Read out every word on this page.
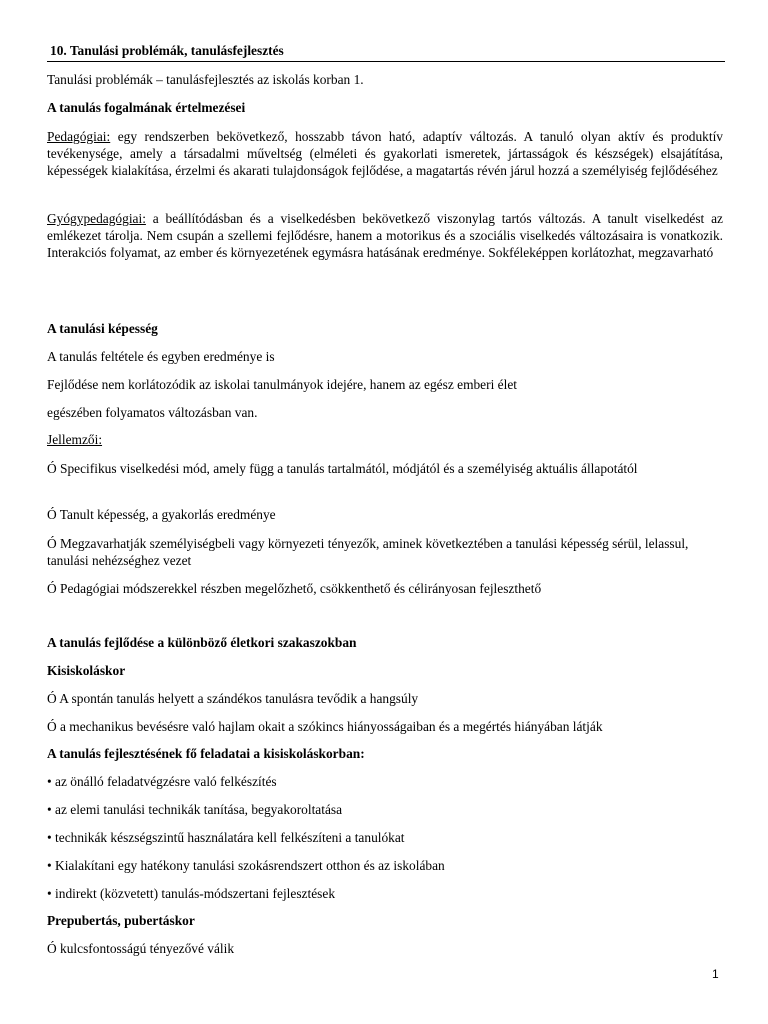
10. Tanulási problémák, tanulásfejlesztés

Tanulási problémák – tanulásfejlesztés az iskolás korban 1.

A tanulás fogalmának értelmezései

Pedagógiai: egy rendszerben bekövetkező, hosszabb távon ható, adaptív változás. A tanuló olyan aktív és produktív tevékenysége, amely a társadalmi műveltség (elméleti és gyakorlati ismeretek, jártasságok és készségek) elsajátítása, képességek kialakítása, érzelmi és akarati tulajdonságok fejlődése, a magatartás révén járul hozzá a személyiség fejlődéséhez

Gyógypedagógiai: a beállítódásban és a viselkedésben bekövetkező viszonylag tartós változás. A tanult viselkedést az emlékezet tárolja. Nem csupán a szellemi fejlődésre, hanem a motorikus és a szociális viselkedés változásaira is vonatkozik. Interakciós folyamat, az ember és környezetének egymásra hatásának eredménye. Sokféleképpen korlátozhat, megzavarható

A tanulási képesség

A tanulás feltétele és egyben eredménye is

Fejlődése nem korlátozódik az iskolai tanulmányok idejére, hanem az egész emberi élet

egészében folyamatos változásban van.

Jellemzői:

Ó Specifikus viselkedési mód, amely függ a tanulás tartalmától, módjától és a személyiség aktuális állapotától

Ó Tanult képesség, a gyakorlás eredménye

Ó Megzavarhatják személyiségbeli vagy környezeti tényezők, aminek következtében a tanulási képesség sérül, lelassul, tanulási nehézséghez vezet

Ó Pedagógiai módszerekkel részben megelőzhető, csökkenthető és célirányosan fejleszthető

A tanulás fejlődése a különböző életkori szakaszokban

Kisiskoláskor

Ó A spontán tanulás helyett a szándékos tanulásra tevődik a hangsúly

Ó a mechanikus bevésésre való hajlam okait a szókincs hiányosságaiban és a megértés hiányában látják

A tanulás fejlesztésének fő feladatai a kisiskoláskorban:

• az önálló feladatvégzésre való felkészítés

• az elemi tanulási technikák tanítása, begyakoroltatása

• technikák készségszintű használatára kell felkészíteni a tanulókat

• Kialakítani egy hatékony tanulási szokásrendszert otthon és az iskolában

• indirekt (közvetett) tanulás-módszertani fejlesztések

Prepubertás, pubertáskor

Ó kulcsfontosságú tényezővé válik

1
